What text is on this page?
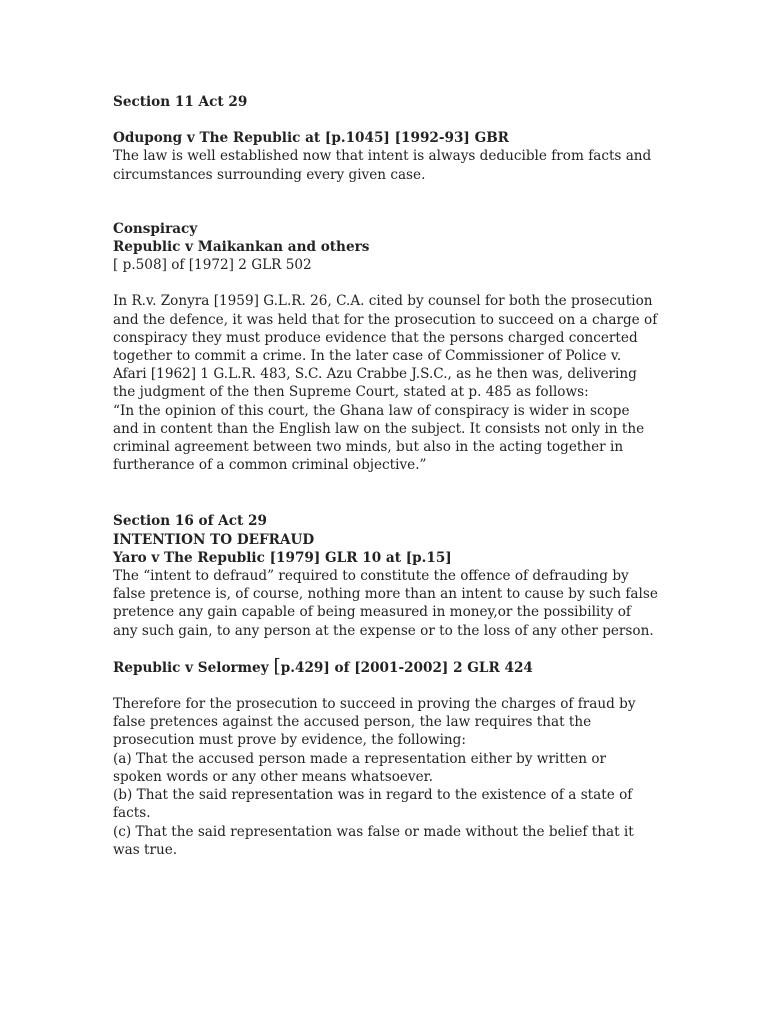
Section 11 Act 29

Odupong v The Republic at [p.1045] [1992-93] GBR

The law is well established now that intent is always deducible from facts and circumstances surrounding every given case.

Conspiracy

Republic v Maikankan and others

[ p.508] of [1972] 2 GLR 502

In R.v. Zonyra [1959] G.L.R. 26, C.A. cited by counsel for both the prosecution and the defence, it was held that for the prosecution to succeed on a charge of conspiracy they must produce evidence that the persons charged concerted together to commit a crime. In the later case of Commissioner of Police v. Afari [1962] 1 G.L.R. 483, S.C. Azu Crabbe J.S.C., as he then was, delivering the judgment of the then Supreme Court, stated at p. 485 as follows:

“In the opinion of this court, the Ghana law of conspiracy is wider in scope and in content than the English law on the subject. It consists not only in the criminal agreement between two minds, but also in the acting together in furtherance of a common criminal objective.”

Section 16 of Act 29

INTENTION TO DEFRAUD

Yaro v The Republic [1979] GLR 10 at [p.15]

The “intent to defraud” required to constitute the offence of defrauding by false pretence is, of course, nothing more than an intent to cause by such false pretence any gain capable of being measured in money,or the possibility of any such gain, to any person at the expense or to the loss of any other person.

Republic v Selormey [p.429] of [2001-2002] 2 GLR 424

Therefore for the prosecution to succeed in proving the charges of fraud by false pretences against the accused person, the law requires that the prosecution must prove by evidence, the following:

(a) That the accused person made a representation either by written or spoken words or any other means whatsoever.

(b) That the said representation was in regard to the existence of a state of facts.

(c) That the said representation was false or made without the belief that it was true.
